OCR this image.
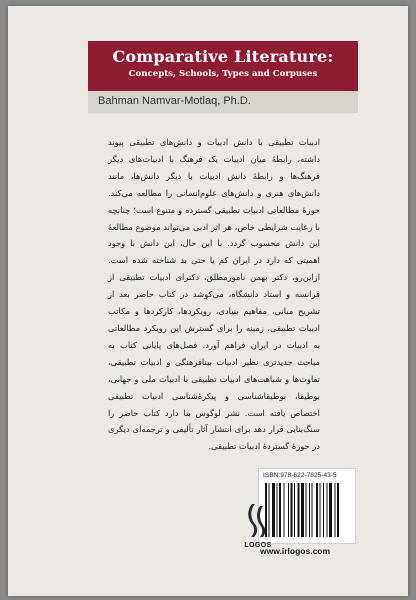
Comparative Literature:
Concepts, Schools, Types and Corpuses
Bahman Namvar-Motlaq, Ph.D.

ادبیات تطبیقی با دانش ادبیات و دانش‌های تطبیقی پیوند داشته، رابطهٔ میان ادبیات یک فرهنگ با ادبیات‌های دیگر فرهنگ‌ها و رابطهٔ دانش ادبیات با دیگر دانش‌ها، مانند دانش‌های هنری و دانش‌های علوم‌انسانی را مطالعه می‌کند. حوزهٔ مطالعاتی ادبیات تطبیقی گسترده و متنوع است؛ چنانچه با رعایت شرایطی خاص، هر اثر ادبی می‌تواند موضوع مطالعهٔ این دانش محسوب گردد. با این حال، این دانش با وجود اهمیتی که دارد در ایران کم یا حتی بد شناخته شده است. ازاین‌رو، دکتر بهمن نامورمطلق، دکترای ادبیات تطبیقی از فرانسه و استاد دانشگاه، می‌کوشد در کتاب حاضر بعد از تشریح مبانی، مفاهیم بنیادی، رویکردها، کارکردها و مکاتب ادبیات تطبیقی، زمینه را برای گسترش این رویکرد مطالعاتی به ادبیات در ایران فراهم آورد. فصل‌های پایانی کتاب به مباحث جدیدتری نظیر ادبیات بینافرهنگی و ادبیات تطبیقی، تفاوت‌ها و شباهت‌های ادبیات تطبیقی با ادبیات ملی و جهانی، بوطیقا، بوطیقاشناسی و پیکرهٔ‌شناسی ادبیات تطبیقی اختصاص یافته است. نشر لوگوس بنا دارد کتاب حاضر را سنگ‌بنایی قرار دهد برای انتشار آثار تألیفی و ترجمه‌ای دیگری در حوزهٔ گستردهٔ ادبیات تطبیقی.

ISBN:978-622-7825-43-5
LOGOS
www.irlogos.com
